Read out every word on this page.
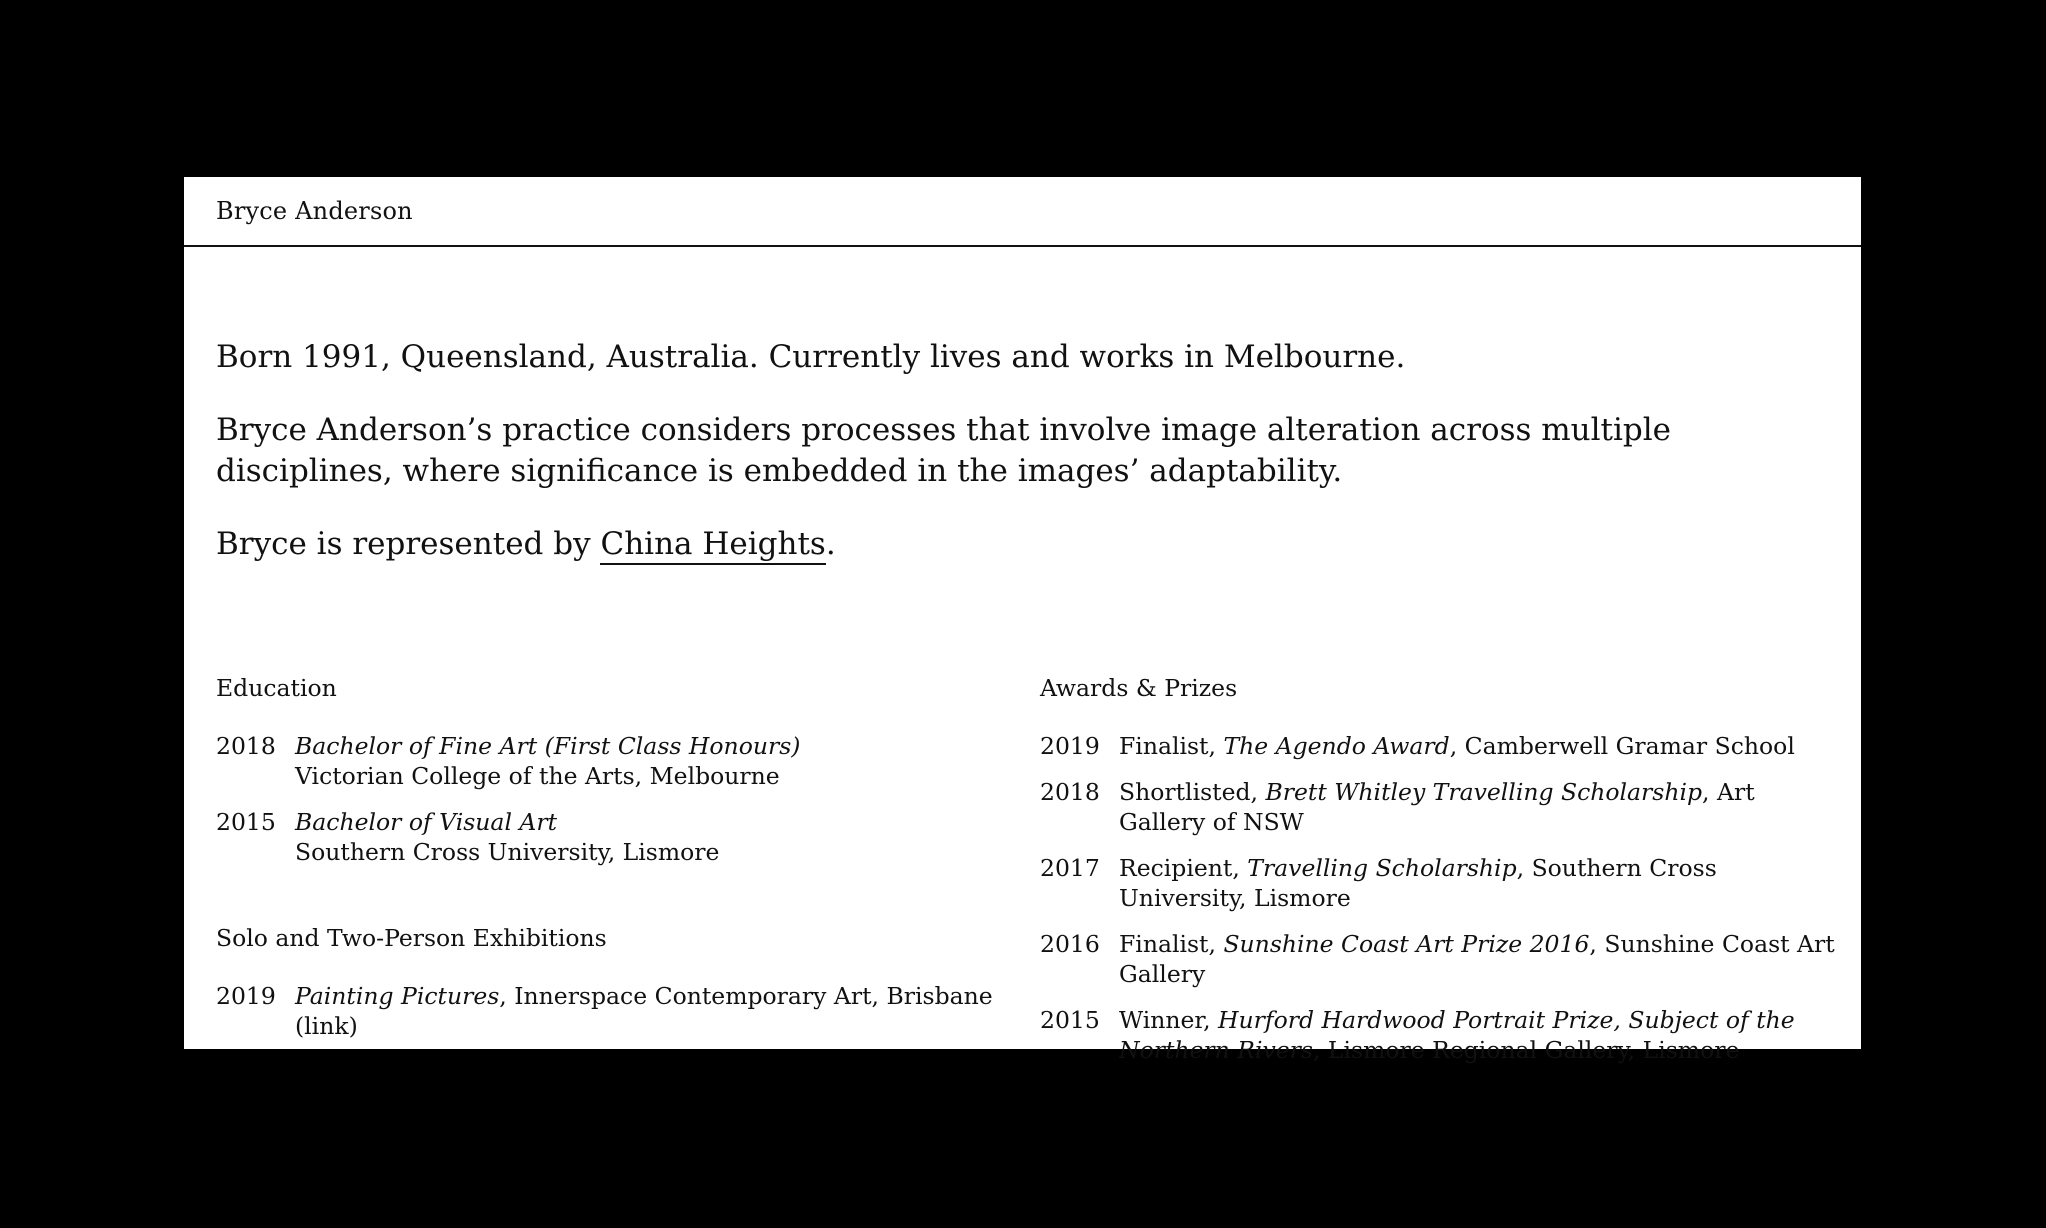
Bryce Anderson

Born 1991, Queensland, Australia. Currently lives and works in Melbourne.

Bryce Anderson’s practice considers processes that involve image alteration across multiple disciplines, where significance is embedded in the images’ adaptability.

Bryce is represented by China Heights.

Education
2018 Bachelor of Fine Art (First Class Honours)
Victorian College of the Arts, Melbourne
2015 Bachelor of Visual Art
Southern Cross University, Lismore
Solo and Two-Person Exhibitions
2019 Painting Pictures, Innerspace Contemporary Art, Brisbane (link)
Awards & Prizes
2019 Finalist, The Agendo Award, Camberwell Gramar School
2018 Shortlisted, Brett Whitley Travelling Scholarship, Art Gallery of NSW
2017 Recipient, Travelling Scholarship, Southern Cross University, Lismore
2016 Finalist, Sunshine Coast Art Prize 2016, Sunshine Coast Art Gallery
2015 Winner, Hurford Hardwood Portrait Prize, Subject of the Northern Rivers, Lismore Regional Gallery, Lismore
